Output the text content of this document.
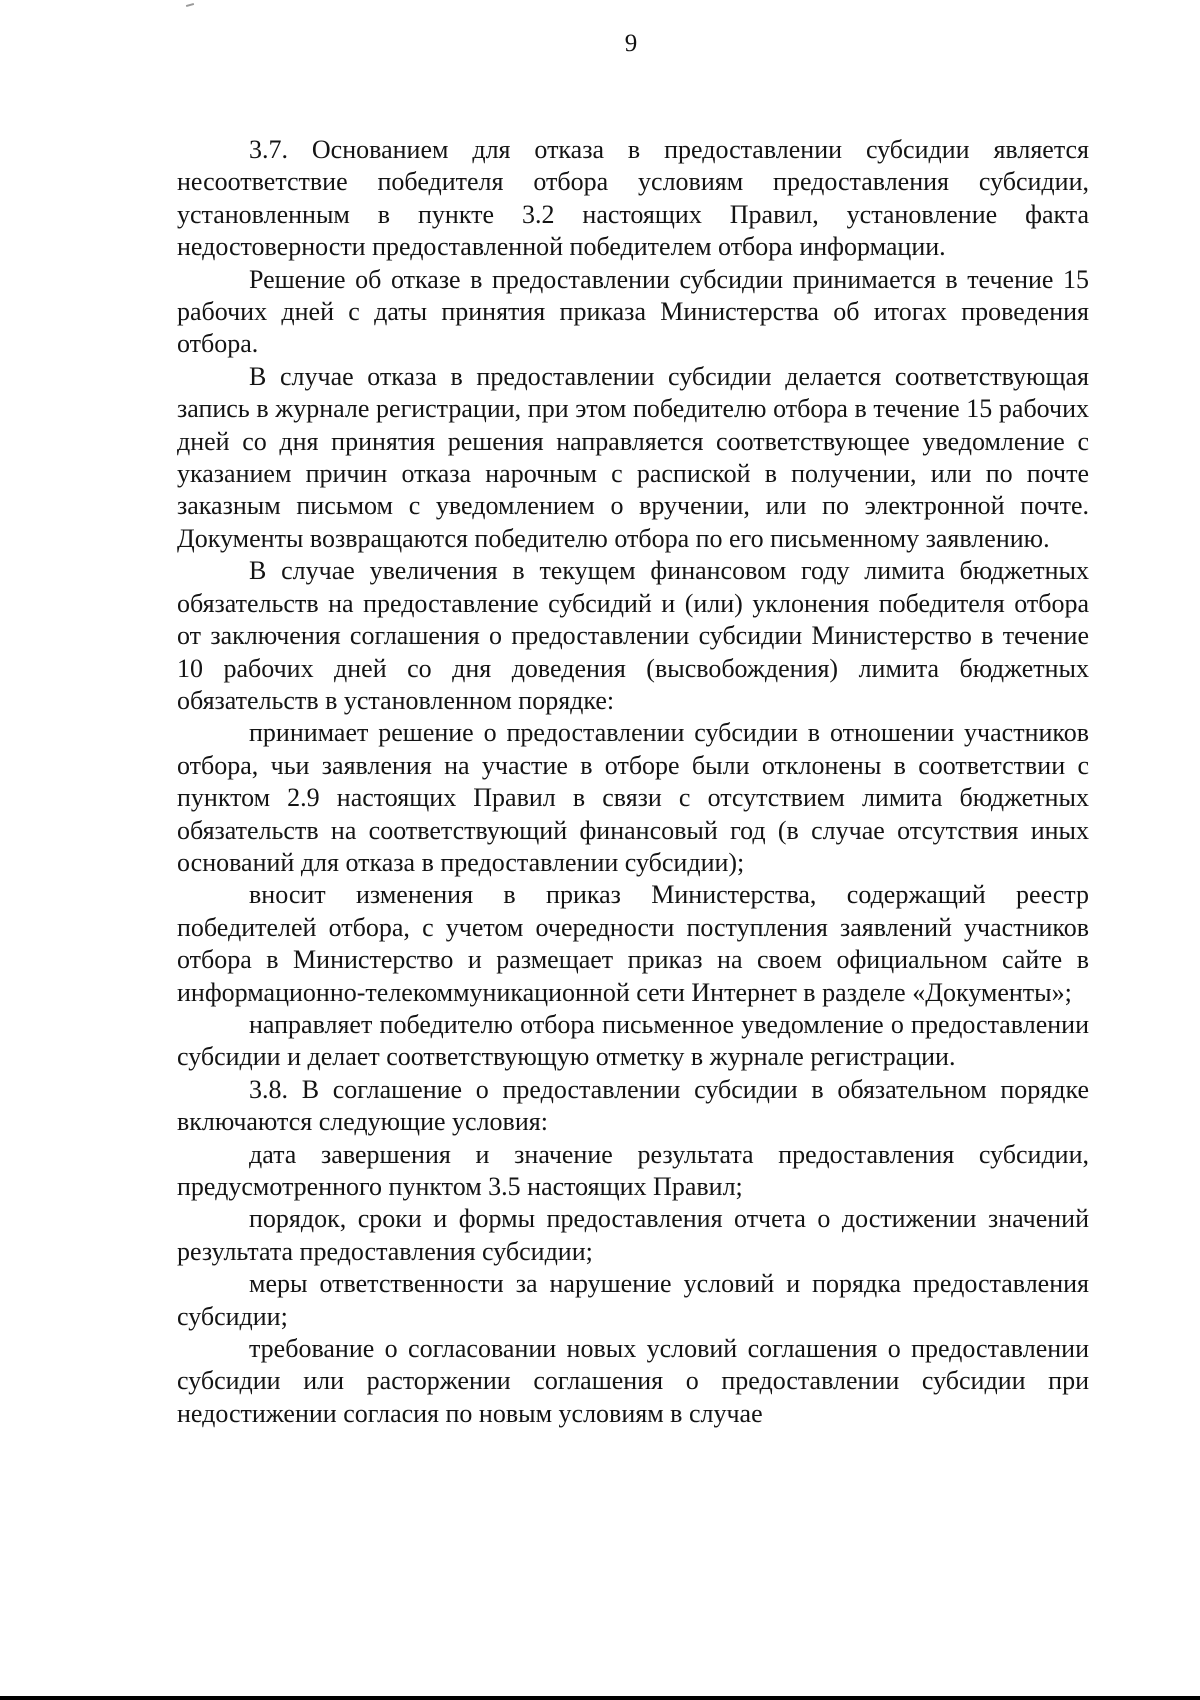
9

3.7. Основанием для отказа в предоставлении субсидии является несоответствие победителя отбора условиям предоставления субсидии, установленным в пункте 3.2 настоящих Правил, установление факта недостоверности предоставленной победителем отбора информации.

Решение об отказе в предоставлении субсидии принимается в течение 15 рабочих дней с даты принятия приказа Министерства об итогах проведения отбора.

В случае отказа в предоставлении субсидии делается соответствующая запись в журнале регистрации, при этом победителю отбора в течение 15 рабочих дней со дня принятия решения направляется соответствующее уведомление с указанием причин отказа нарочным с распиской в получении, или по почте заказным письмом с уведомлением о вручении, или по электронной почте. Документы возвращаются победителю отбора по его письменному заявлению.

В случае увеличения в текущем финансовом году лимита бюджетных обязательств на предоставление субсидий и (или) уклонения победителя отбора от заключения соглашения о предоставлении субсидии Министерство в течение 10 рабочих дней со дня доведения (высвобождения) лимита бюджетных обязательств в установленном порядке:

принимает решение о предоставлении субсидии в отношении участников отбора, чьи заявления на участие в отборе были отклонены в соответствии с пунктом 2.9 настоящих Правил в связи с отсутствием лимита бюджетных обязательств на соответствующий финансовый год (в случае отсутствия иных оснований для отказа в предоставлении субсидии);

вносит изменения в приказ Министерства, содержащий реестр победителей отбора, с учетом очередности поступления заявлений участников отбора в Министерство и размещает приказ на своем официальном сайте в информационно-телекоммуникационной сети Интернет в разделе «Документы»;

направляет победителю отбора письменное уведомление о предоставлении субсидии и делает соответствующую отметку в журнале регистрации.

3.8. В соглашение о предоставлении субсидии в обязательном порядке включаются следующие условия:

дата завершения и значение результата предоставления субсидии, предусмотренного пунктом 3.5 настоящих Правил;

порядок, сроки и формы предоставления отчета о достижении значений результата предоставления субсидии;

меры ответственности за нарушение условий и порядка предоставления субсидии;

требование о согласовании новых условий соглашения о предоставлении субсидии или расторжении соглашения о предоставлении субсидии при недостижении согласия по новым условиям в случае
